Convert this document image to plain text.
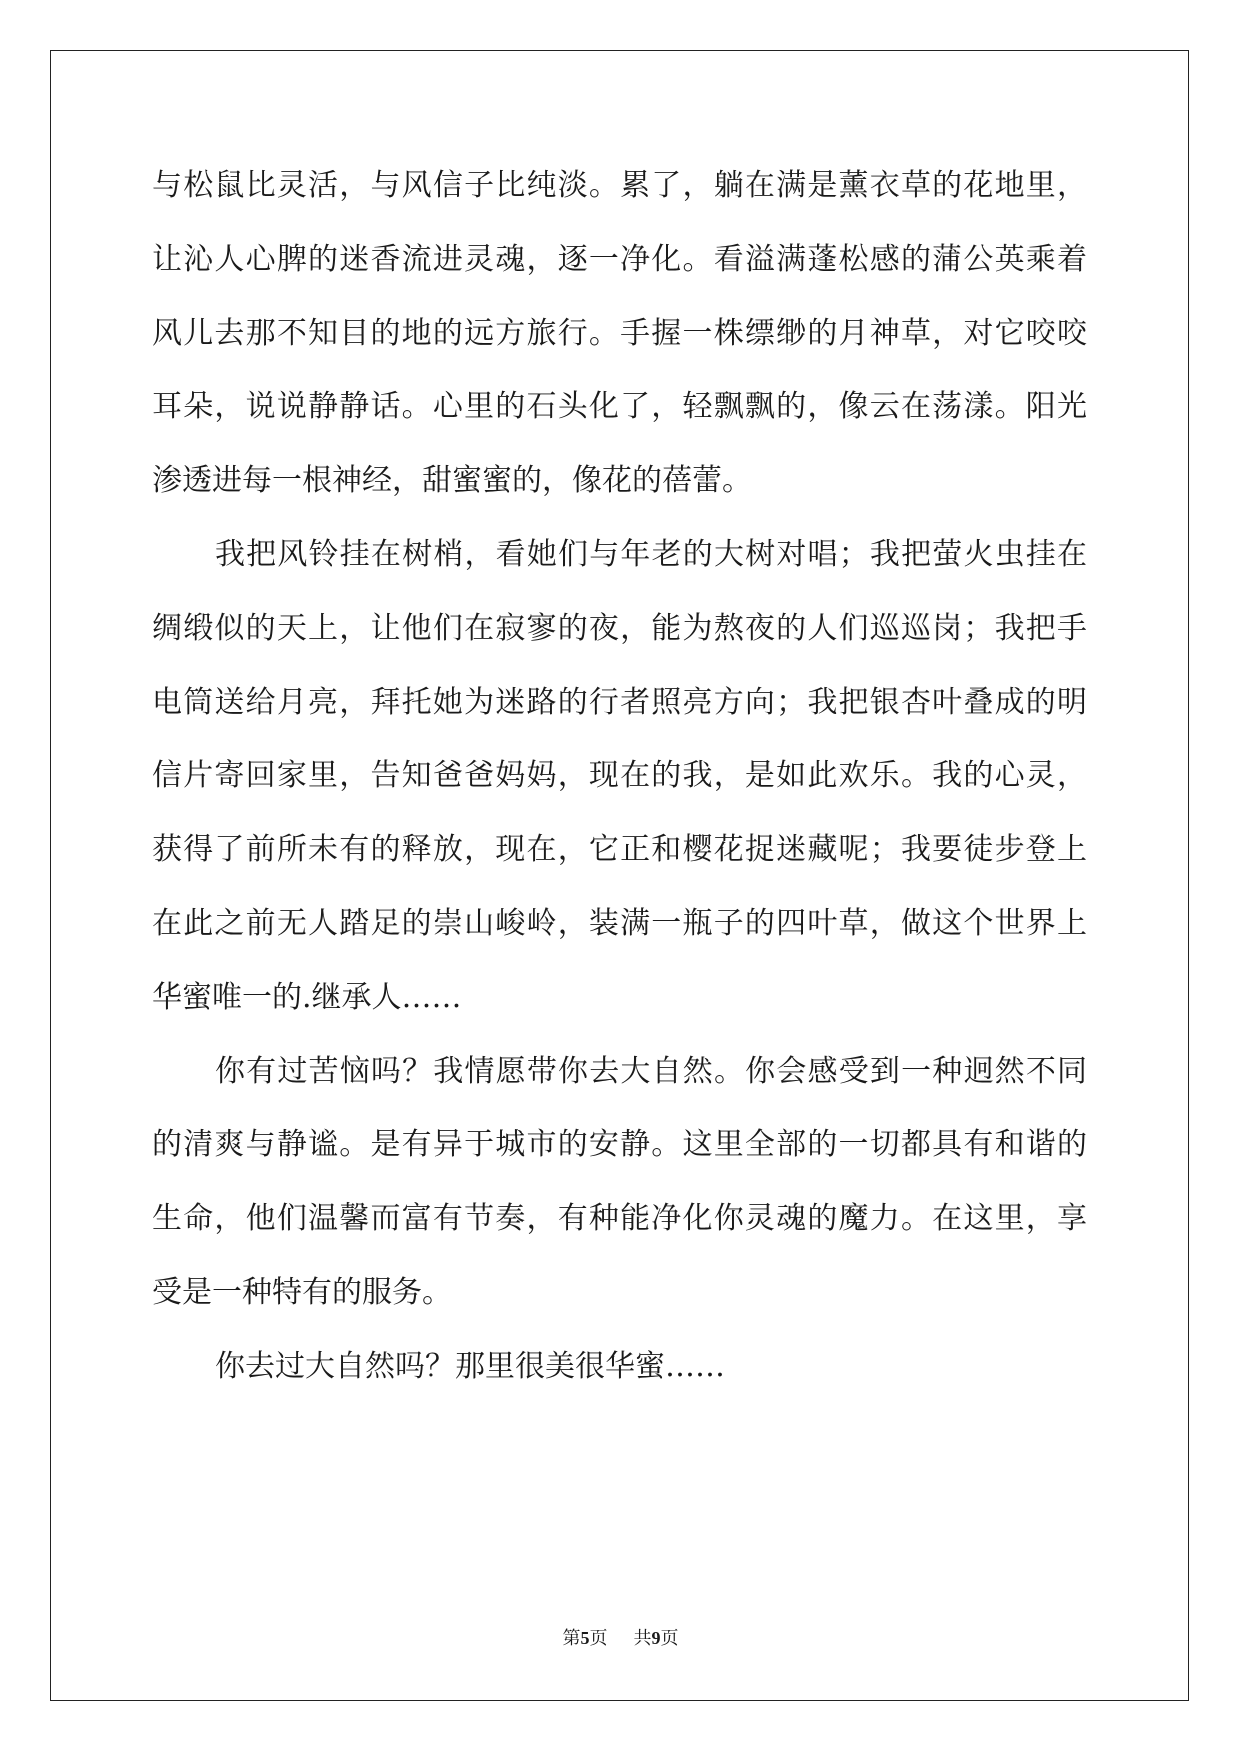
与松鼠比灵活，与风信子比纯淡。累了，躺在满是薰衣草的花地里，
让沁人心脾的迷香流进灵魂，逐一净化。看溢满蓬松感的蒲公英乘着
风儿去那不知目的地的远方旅行。手握一株缥缈的月神草，对它咬咬
耳朵，说说静静话。心里的石头化了，轻飘飘的，像云在荡漾。阳光
渗透进每一根神经，甜蜜蜜的，像花的蓓蕾。
我把风铃挂在树梢，看她们与年老的大树对唱；我把萤火虫挂在
绸缎似的天上，让他们在寂寥的夜，能为熬夜的人们巡巡岗；我把手
电筒送给月亮，拜托她为迷路的行者照亮方向；我把银杏叶叠成的明
信片寄回家里，告知爸爸妈妈，现在的我，是如此欢乐。我的心灵，
获得了前所未有的释放，现在，它正和樱花捉迷藏呢；我要徒步登上
在此之前无人踏足的崇山峻岭，装满一瓶子的四叶草，做这个世界上
华蜜唯一的.继承人……
你有过苦恼吗？我情愿带你去大自然。你会感受到一种迥然不同
的清爽与静谧。是有异于城市的安静。这里全部的一切都具有和谐的
生命，他们温馨而富有节奏，有种能净化你灵魂的魔力。在这里，享
受是一种特有的服务。
你去过大自然吗？那里很美很华蜜……
第5页 共9页
